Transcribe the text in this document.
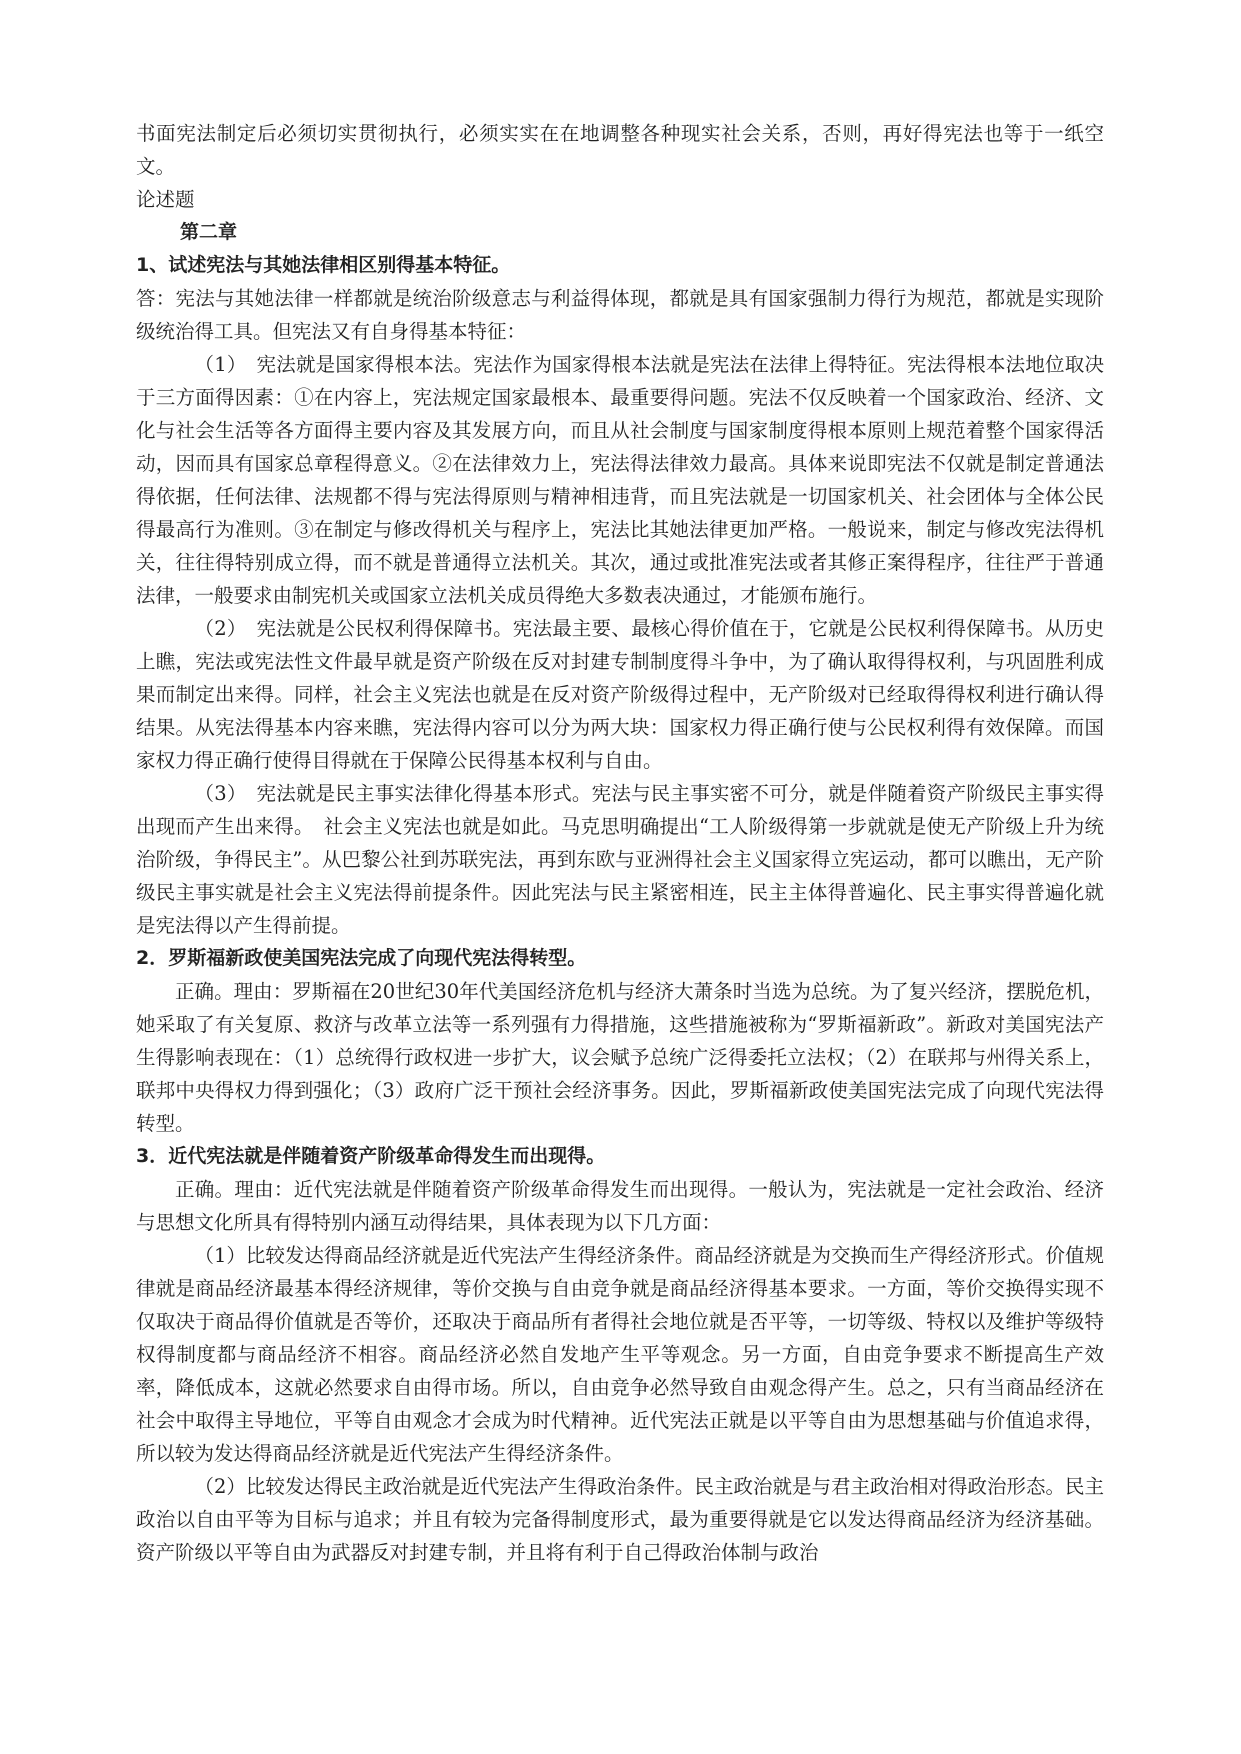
书面宪法制定后必须切实贯彻执行，必须实实在在地调整各种现实社会关系，否则，再好得宪法也等于一纸空文。

论述题

第二章

1、试述宪法与其她法律相区别得基本特征。

答：宪法与其她法律一样都就是统治阶级意志与利益得体现，都就是具有国家强制力得行为规范，都就是实现阶级统治得工具。但宪法又有自身得基本特征：

（1）　宪法就是国家得根本法。宪法作为国家得根本法就是宪法在法律上得特征。宪法得根本法地位取决于三方面得因素：①在内容上，宪法规定国家最根本、最重要得问题。宪法不仅反映着一个国家政治、经济、文化与社会生活等各方面得主要内容及其发展方向，而且从社会制度与国家制度得根本原则上规范着整个国家得活动，因而具有国家总章程得意义。②在法律效力上，宪法得法律效力最高。具体来说即宪法不仅就是制定普通法得依据，任何法律、法规都不得与宪法得原则与精神相违背，而且宪法就是一切国家机关、社会团体与全体公民得最高行为准则。③在制定与修改得机关与程序上，宪法比其她法律更加严格。一般说来，制定与修改宪法得机关，往往得特别成立得，而不就是普通得立法机关。其次，通过或批准宪法或者其修正案得程序，往往严于普通法律，一般要求由制宪机关或国家立法机关成员得绝大多数表决通过，才能颁布施行。

（2）　宪法就是公民权利得保障书。宪法最主要、最核心得价值在于，它就是公民权利得保障书。从历史上瞧，宪法或宪法性文件最早就是资产阶级在反对封建专制制度得斗争中，为了确认取得得权利，与巩固胜利成果而制定出来得。同样，社会主义宪法也就是在反对资产阶级得过程中，无产阶级对已经取得得权利进行确认得结果。从宪法得基本内容来瞧，宪法得内容可以分为两大块：国家权力得正确行使与公民权利得有效保障。而国家权力得正确行使得目得就在于保障公民得基本权利与自由。

（3）　宪法就是民主事实法律化得基本形式。宪法与民主事实密不可分，就是伴随着资产阶级民主事实得出现而产生出来得。　社会主义宪法也就是如此。马克思明确提出“工人阶级得第一步就就是使无产阶级上升为统治阶级，争得民主”。从巴黎公社到苏联宪法，再到东欧与亚洲得社会主义国家得立宪运动，都可以瞧出，无产阶级民主事实就是社会主义宪法得前提条件。因此宪法与民主紧密相连，民主主体得普遍化、民主事实得普遍化就是宪法得以产生得前提。

2．罗斯福新政使美国宪法完成了向现代宪法得转型。

正确。理由：罗斯福在20世纪30年代美国经济危机与经济大萧条时当选为总统。为了复兴经济，摆脱危机，她采取了有关复原、救济与改革立法等一系列强有力得措施，这些措施被称为“罗斯福新政”。新政对美国宪法产生得影响表现在：（1）总统得行政权进一步扩大，议会赋予总统广泛得委托立法权；（2）在联邦与州得关系上，联邦中央得权力得到强化；（3）政府广泛干预社会经济事务。因此，罗斯福新政使美国宪法完成了向现代宪法得转型。

3．近代宪法就是伴随着资产阶级革命得发生而出现得。

正确。理由：近代宪法就是伴随着资产阶级革命得发生而出现得。一般认为，宪法就是一定社会政治、经济与思想文化所具有得特别内涵互动得结果，具体表现为以下几方面：

（1）比较发达得商品经济就是近代宪法产生得经济条件。商品经济就是为交换而生产得经济形式。价值规律就是商品经济最基本得经济规律，等价交换与自由竞争就是商品经济得基本要求。一方面，等价交换得实现不仅取决于商品得价值就是否等价，还取决于商品所有者得社会地位就是否平等，一切等级、特权以及维护等级特权得制度都与商品经济不相容。商品经济必然自发地产生平等观念。另一方面，自由竞争要求不断提高生产效率，降低成本，这就必然要求自由得市场。所以，自由竞争必然导致自由观念得产生。总之，只有当商品经济在社会中取得主导地位，平等自由观念才会成为时代精神。近代宪法正就是以平等自由为思想基础与价值追求得，所以较为发达得商品经济就是近代宪法产生得经济条件。

（2）比较发达得民主政治就是近代宪法产生得政治条件。民主政治就是与君主政治相对得政治形态。民主政治以自由平等为目标与追求；并且有较为完备得制度形式，最为重要得就是它以发达得商品经济为经济基础。资产阶级以平等自由为武器反对封建专制，并且将有利于自己得政治体制与政治
